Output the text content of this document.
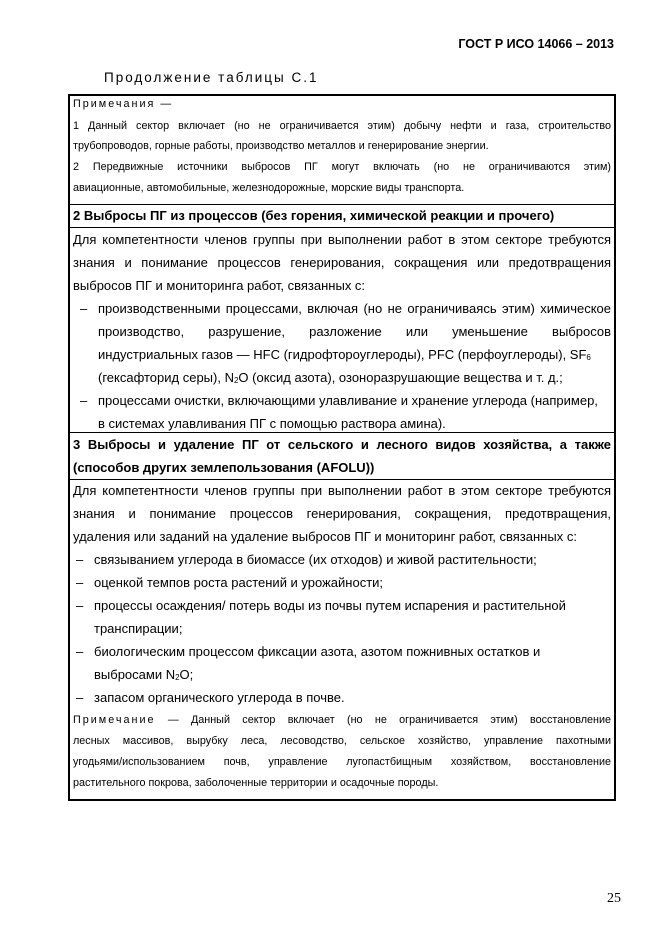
ГОСТ Р ИСО 14066 – 2013
Продолжение таблицы С.1
Примечания —
1 Данный сектор включает (но не ограничивается этим) добычу нефти и газа, строительство
трубопроводов, горные работы, производство металлов и генерирование энергии.
2 Передвижные источники выбросов ПГ могут включать (но не ограничиваются этим)
авиационные, автомобильные, железнодорожные, морские виды транспорта.
2 Выбросы ПГ из процессов (без горения, химической реакции и прочего)
Для компетентности членов группы при выполнении работ в этом секторе требуются
знания и понимание процессов генерирования, сокращения или предотвращения
выбросов ПГ и мониторинга работ, связанных с:
– производственными процессами, включая (но не ограничиваясь этим) химическое
производство, разрушение, разложение или уменьшение выбросов
индустриальных газов — HFC (гидрофтороуглероды), PFC (перфоуглероды), SF6
(гексафторид серы), N2O (оксид азота), озоноразрушающие вещества и т. д.;
– процессами очистки, включающими улавливание и хранение углерода (например,
в системах улавливания ПГ с помощью раствора амина).
3 Выбросы и удаление ПГ от сельского и лесного видов хозяйства, а также
(способов других землепользования (AFOLU))
Для компетентности членов группы при выполнении работ в этом секторе требуются
знания и понимание процессов генерирования, сокращения, предотвращения,
удаления или заданий на удаление выбросов ПГ и мониторинг работ, связанных с:
– связыванием углерода в биомассе (их отходов) и живой растительности;
– оценкой темпов роста растений и урожайности;
– процессы осаждения/ потерь воды из почвы путем испарения и растительной
транспирации;
– биологическим процессом фиксации азота, азотом пожнивных остатков и
выбросами N2O;
– запасом органического углерода в почве.
Примечание — Данный сектор включает (но не ограничивается этим) восстановление
лесных массивов, вырубку леса, лесоводство, сельское хозяйство, управление пахотными
угодьями/использованием почв, управление лугопастбищным хозяйством, восстановление
растительного покрова, заболоченные территории и осадочные породы.
25
